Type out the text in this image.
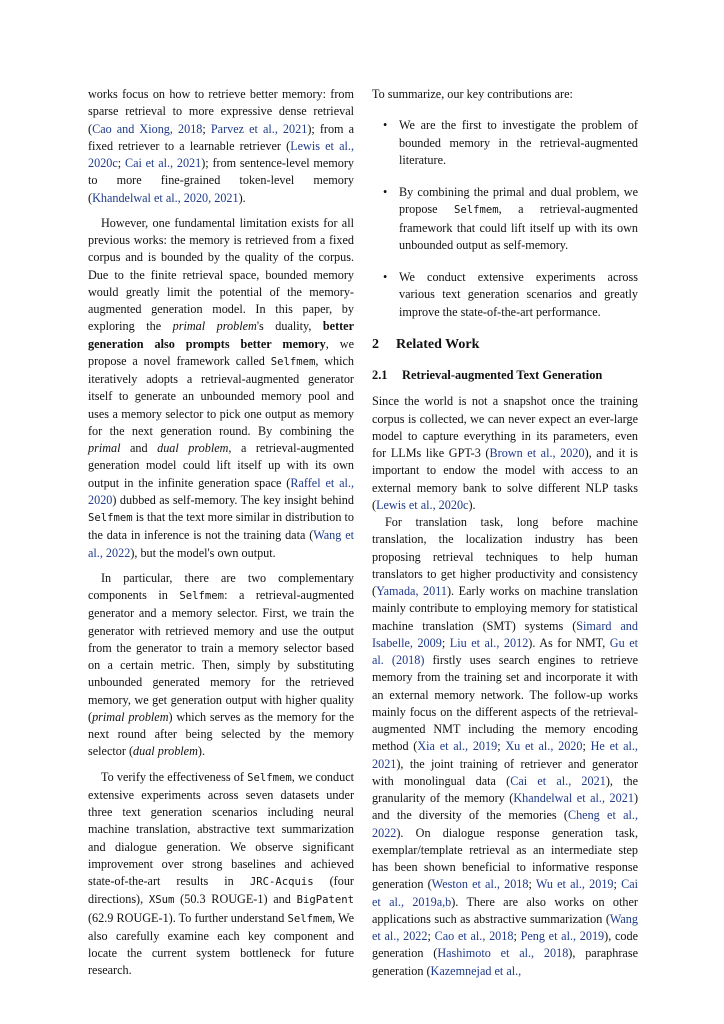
works focus on how to retrieve better memory: from sparse retrieval to more expressive dense retrieval (Cao and Xiong, 2018; Parvez et al., 2021); from a fixed retriever to a learnable retriever (Lewis et al., 2020c; Cai et al., 2021); from sentence-level memory to more fine-grained token-level memory (Khandelwal et al., 2020, 2021).

However, one fundamental limitation exists for all previous works: the memory is retrieved from a fixed corpus and is bounded by the quality of the corpus. Due to the finite retrieval space, bounded memory would greatly limit the potential of the memory-augmented generation model. In this paper, by exploring the primal problem's duality, better generation also prompts better memory, we propose a novel framework called Selfmem, which iteratively adopts a retrieval-augmented generator itself to generate an unbounded memory pool and uses a memory selector to pick one output as memory for the next generation round. By combining the primal and dual problem, a retrieval-augmented generation model could lift itself up with its own output in the infinite generation space (Raffel et al., 2020) dubbed as self-memory. The key insight behind Selfmem is that the text more similar in distribution to the data in inference is not the training data (Wang et al., 2022), but the model's own output.

In particular, there are two complementary components in Selfmem: a retrieval-augmented generator and a memory selector. First, we train the generator with retrieved memory and use the output from the generator to train a memory selector based on a certain metric. Then, simply by substituting unbounded generated memory for the retrieved memory, we get generation output with higher quality (primal problem) which serves as the memory for the next round after being selected by the memory selector (dual problem).

To verify the effectiveness of Selfmem, we conduct extensive experiments across seven datasets under three text generation scenarios including neural machine translation, abstractive text summarization and dialogue generation. We observe significant improvement over strong baselines and achieved state-of-the-art results in JRC-Acquis (four directions), XSum (50.3 ROUGE-1) and BigPatent (62.9 ROUGE-1). To further understand Selfmem, We also carefully examine each key component and locate the current system bottleneck for future research.

To summarize, our key contributions are:

• We are the first to investigate the problem of bounded memory in the retrieval-augmented literature.
• By combining the primal and dual problem, we propose Selfmem, a retrieval-augmented framework that could lift itself up with its own unbounded output as self-memory.
• We conduct extensive experiments across various text generation scenarios and greatly improve the state-of-the-art performance.
2 Related Work
2.1 Retrieval-augmented Text Generation

Since the world is not a snapshot once the training corpus is collected, we can never expect an ever-large model to capture everything in its parameters, even for LLMs like GPT-3 (Brown et al., 2020), and it is important to endow the model with access to an external memory bank to solve different NLP tasks (Lewis et al., 2020c).

For translation task, long before machine translation, the localization industry has been proposing retrieval techniques to help human translators to get higher productivity and consistency (Yamada, 2011). Early works on machine translation mainly contribute to employing memory for statistical machine translation (SMT) systems (Simard and Isabelle, 2009; Liu et al., 2012). As for NMT, Gu et al. (2018) firstly uses search engines to retrieve memory from the training set and incorporate it with an external memory network. The follow-up works mainly focus on the different aspects of the retrieval-augmented NMT including the memory encoding method (Xia et al., 2019; Xu et al., 2020; He et al., 2021), the joint training of retriever and generator with monolingual data (Cai et al., 2021), the granularity of the memory (Khandelwal et al., 2021) and the diversity of the memories (Cheng et al., 2022). On dialogue response generation task, exemplar/template retrieval as an intermediate step has been shown beneficial to informative response generation (Weston et al., 2018; Wu et al., 2019; Cai et al., 2019a,b). There are also works on other applications such as abstractive summarization (Wang et al., 2022; Cao et al., 2018; Peng et al., 2019), code generation (Hashimoto et al., 2018), paraphrase generation (Kazemnejad et al.,
